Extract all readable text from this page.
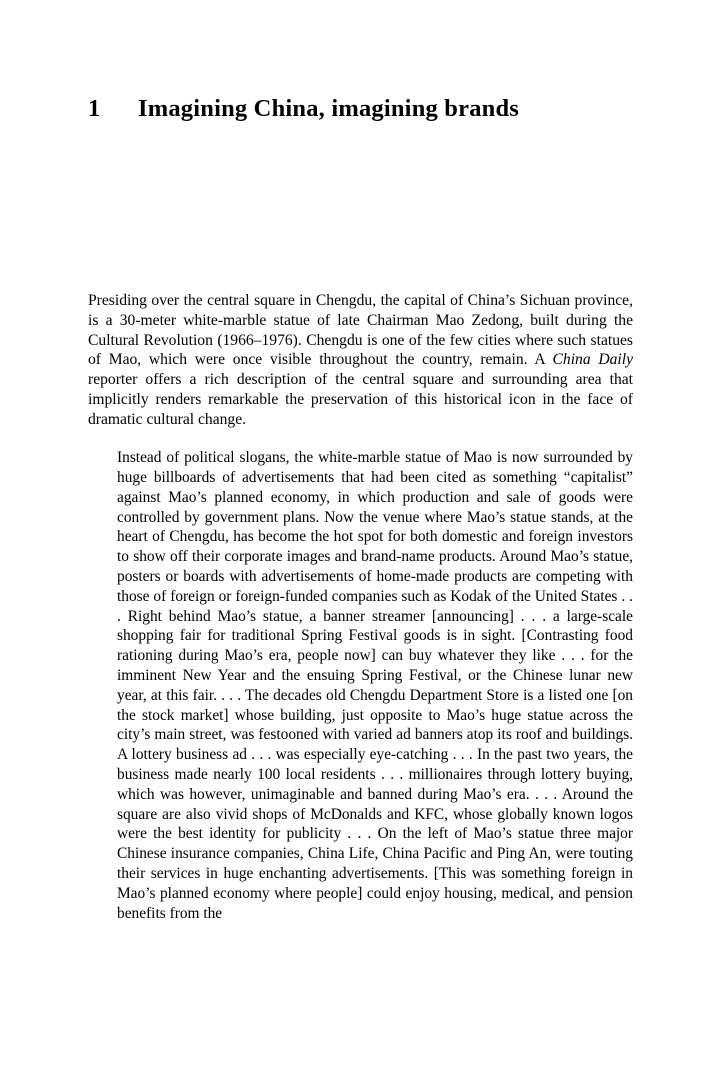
1	Imagining China, imagining brands

Presiding over the central square in Chengdu, the capital of China’s Sichuan province, is a 30-meter white-marble statue of late Chairman Mao Zedong, built during the Cultural Revolution (1966–1976). Chengdu is one of the few cities where such statues of Mao, which were once visible throughout the country, remain. A China Daily reporter offers a rich description of the central square and surrounding area that implicitly renders remarkable the preservation of this historical icon in the face of dramatic cultural change.

Instead of political slogans, the white-marble statue of Mao is now surrounded by huge billboards of advertisements that had been cited as something “capitalist” against Mao’s planned economy, in which production and sale of goods were controlled by government plans. Now the venue where Mao’s statue stands, at the heart of Chengdu, has become the hot spot for both domestic and foreign investors to show off their corporate images and brand-name products. Around Mao’s statue, posters or boards with advertisements of home-made products are competing with those of foreign or foreign-funded companies such as Kodak of the United States . . . Right behind Mao’s statue, a banner streamer [announcing] . . . a large-scale shopping fair for traditional Spring Festival goods is in sight. [Contrasting food rationing during Mao’s era, people now] can buy whatever they like . . . for the imminent New Year and the ensuing Spring Festival, or the Chinese lunar new year, at this fair. . . . The decades old Chengdu Department Store is a listed one [on the stock market] whose building, just opposite to Mao’s huge statue across the city’s main street, was festooned with varied ad banners atop its roof and buildings. A lottery business ad . . . was especially eye-catching . . . In the past two years, the business made nearly 100 local residents . . . millionaires through lottery buying, which was however, unimaginable and banned during Mao’s era. . . . Around the square are also vivid shops of McDonalds and KFC, whose globally known logos were the best identity for publicity . . . On the left of Mao’s statue three major Chinese insurance companies, China Life, China Pacific and Ping An, were touting their services in huge enchanting advertisements. [This was something foreign in Mao’s planned economy where people] could enjoy housing, medical, and pension benefits from the
